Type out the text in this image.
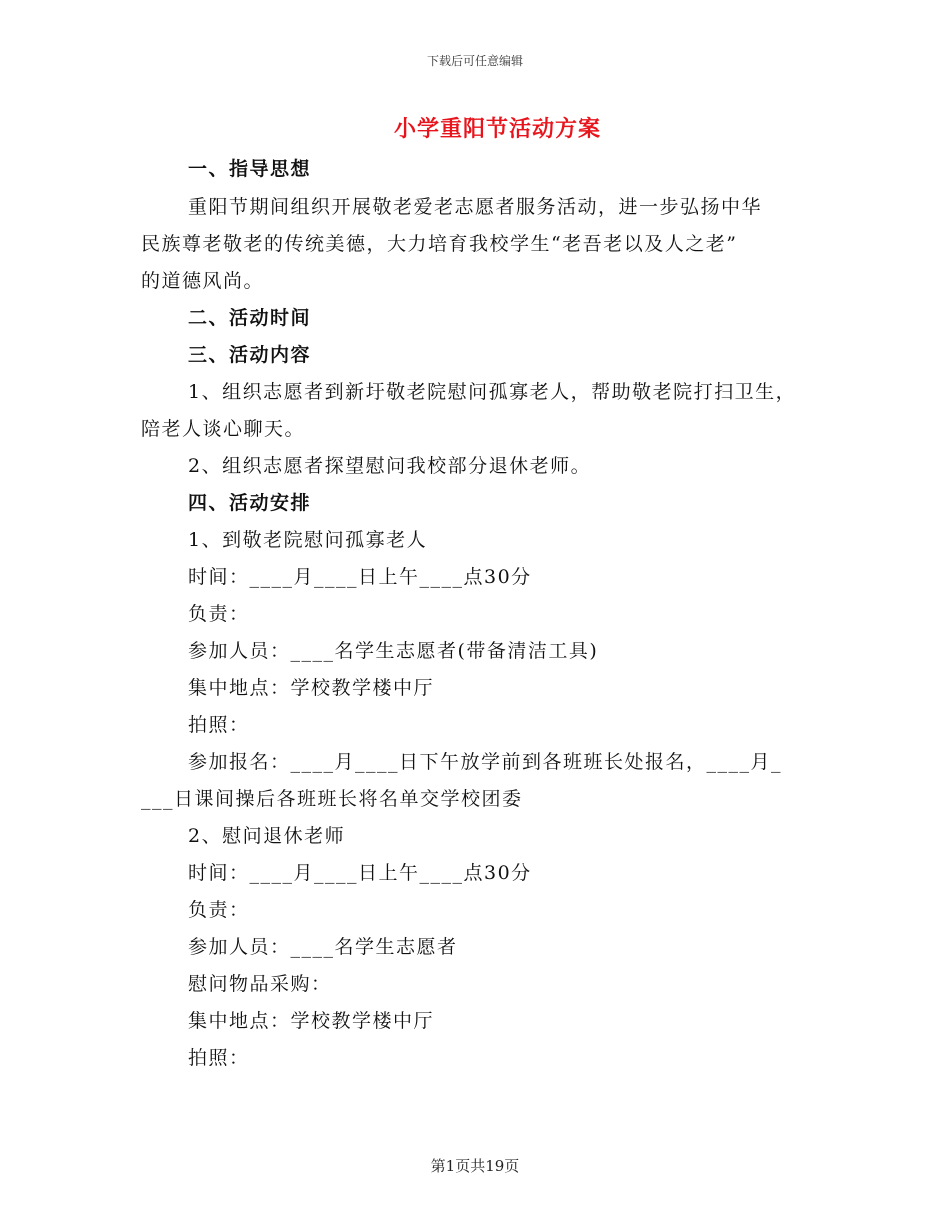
下载后可任意编辑
小学重阳节活动方案
一、指导思想
重阳节期间组织开展敬老爱老志愿者服务活动，进一步弘扬中华
民族尊老敬老的传统美德，大力培育我校学生“老吾老以及人之老”
的道德风尚。
二、活动时间
三、活动内容
1、组织志愿者到新圩敬老院慰问孤寡老人，帮助敬老院打扫卫生，
陪老人谈心聊天。
2、组织志愿者探望慰问我校部分退休老师。
四、活动安排
1、到敬老院慰问孤寡老人
时间：____月____日上午____点30分
负责：
参加人员：____名学生志愿者(带备清洁工具)
集中地点：学校教学楼中厅
拍照：
参加报名：____月____日下午放学前到各班班长处报名，____月_
___日课间操后各班班长将名单交学校团委
2、慰问退休老师
时间：____月____日上午____点30分
负责：
参加人员：____名学生志愿者
慰问物品采购：
集中地点：学校教学楼中厅
拍照：
第1页共19页
